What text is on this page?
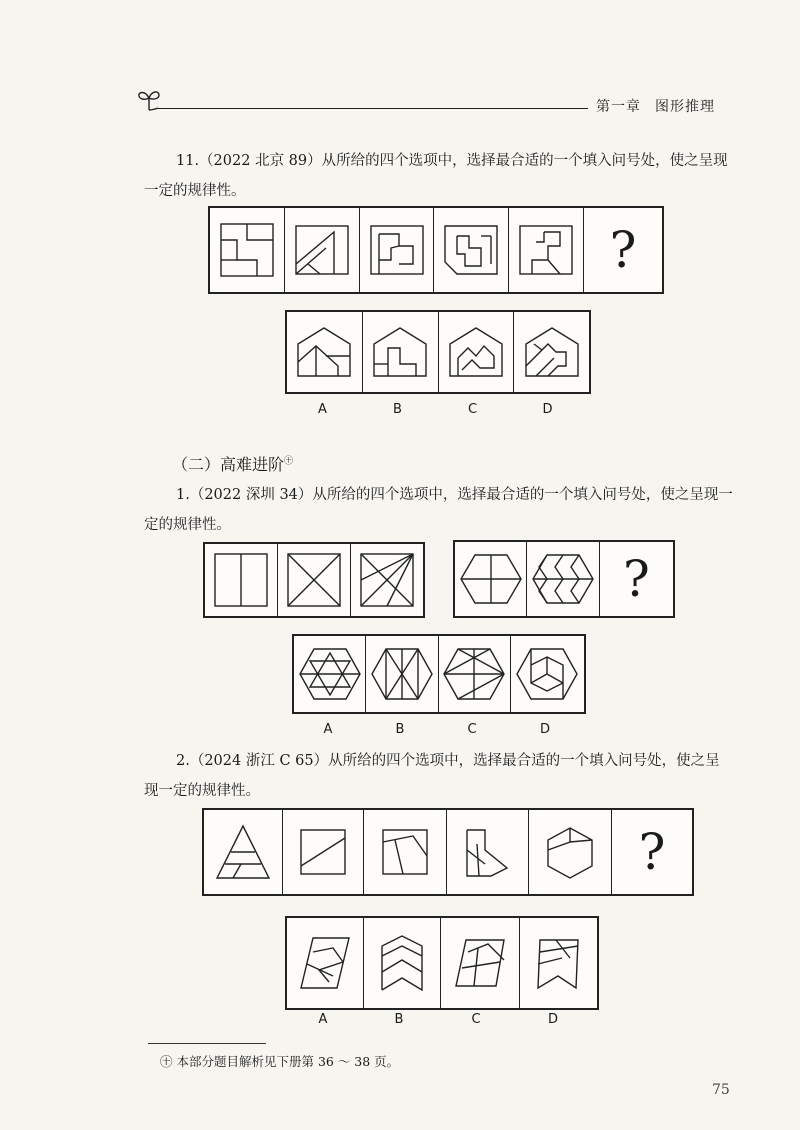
第一章 图形推理
11.（2022 北京 89）从所给的四个选项中，选择最合适的一个填入问号处，使之呈现一定的规律性。
?
A	B	C	D
（二）高难进阶$^㊉$
1.（2022 深圳 34）从所给的四个选项中，选择最合适的一个填入问号处，使之呈现一定的规律性。
?
A	B	C	D
2.（2024 浙江 C 65）从所给的四个选项中，选择最合适的一个填入问号处，使之呈现一定的规律性。
?
A	B	C	D
㊉ 本部分题目解析见下册第 36 ～ 38 页。
75
